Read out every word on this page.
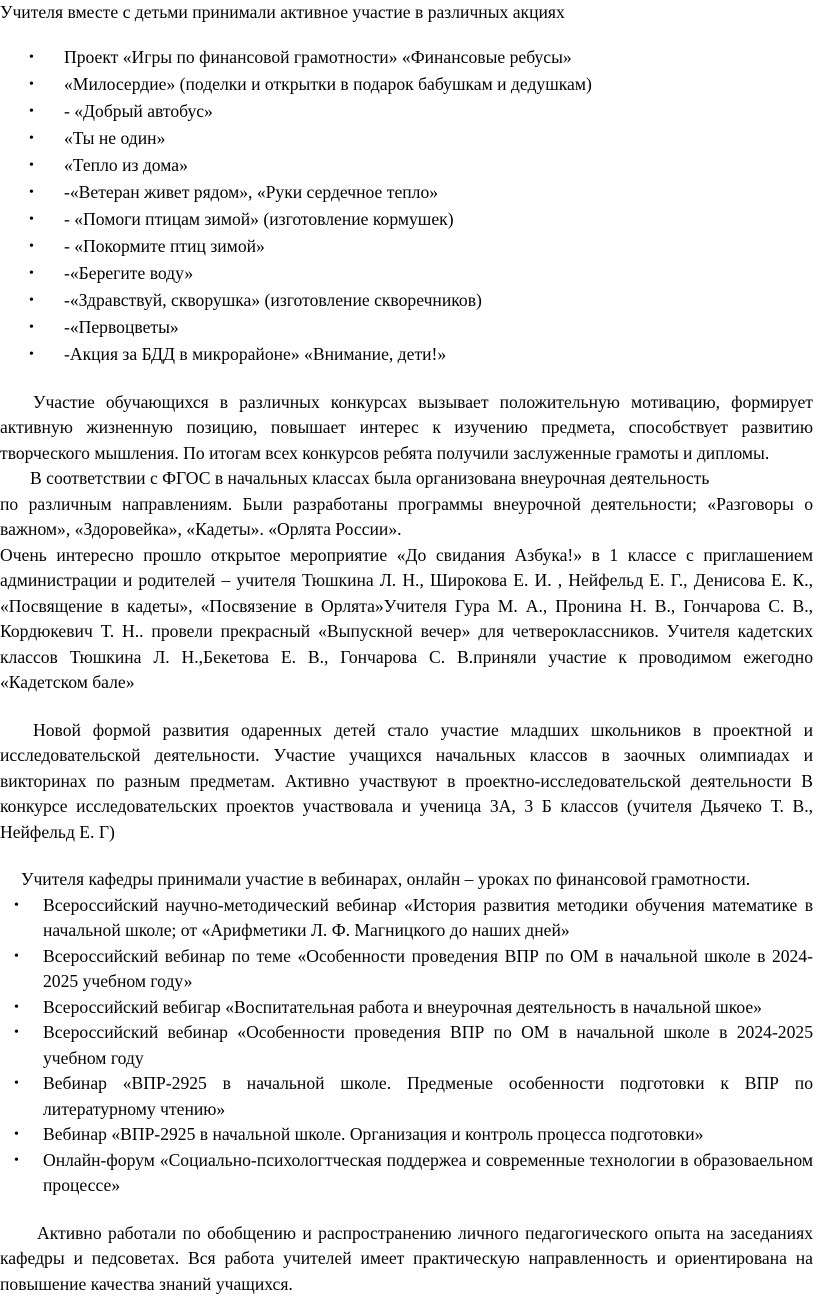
Учителя вместе с детьми принимали активное участие в различных акциях

• Проект «Игры по финансовой грамотности» «Финансовые ребусы»
• «Милосердие» (поделки и открытки в подарок бабушкам и дедушкам)
• - «Добрый автобус»
• «Ты не один»
• «Тепло из дома»
• -«Ветеран живет рядом», «Руки сердечное тепло»
• - «Помоги птицам зимой» (изготовление кормушек)
• - «Покормите птиц зимой»
• -«Берегите воду»
• -«Здравствуй, скворушка» (изготовление скворечников)
• -«Первоцветы»
• -Акция за БДД в микрорайоне» «Внимание, дети!»

Участие обучающихся в различных конкурсах вызывает положительную мотивацию, формирует активную жизненную позицию, повышает интерес к изучению предмета, способствует развитию творческого мышления. По итогам всех конкурсов ребята получили заслуженные грамоты и дипломы.

В соответствии с ФГОС в начальных классах была организована внеурочная деятельность

по различным направлениям. Были разработаны программы внеурочной деятельности; «Разговоры о важном», «Здоровейка», «Кадеты». «Орлята России».

Очень интересно прошло открытое мероприятие «До свидания Азбука!» в 1 классе с приглашением администрации и родителей – учителя Тюшкина Л. Н., Широкова Е. И. , Нейфельд Е. Г., Денисова Е. К., «Посвящение в кадеты», «Посвязение в Орлята»Учителя Гура М. А., Пронина Н. В., Гончарова С. В., Кордюкевич Т. Н.. провели прекрасный «Выпускной вечер» для четвероклассников. Учителя кадетских классов Тюшкина Л. Н.,Бекетова Е. В., Гончарова С. В.приняли участие к проводимом ежегодно «Кадетском бале»

Новой формой развития одаренных детей стало участие младших школьников в проектной и исследовательской деятельности. Участие учащихся начальных классов в заочных олимпиадах и викторинах по разным предметам. Активно участвуют в проектно-исследовательской деятельности В конкурсе исследовательских проектов участвовала и ученица 3А, 3 Б классов (учителя Дьячеко Т. В., Нейфельд Е. Г)

Учителя кафедры принимали участие в вебинарах, онлайн – уроках по финансовой грамотности.

• Всероссийский научно-методический вебинар «История развития методики обучения математике в начальной школе; от «Арифметики Л. Ф. Магницкого до наших дней»
• Всероссийский вебинар по теме «Особенности проведения ВПР по ОМ в начальной школе в 2024-2025 учебном году»
• Всероссийский вебигар «Воспитательная работа и внеурочная деятельность в начальной шкое»
• Всероссийский вебинар «Особенности проведения ВПР по ОМ в начальной школе в 2024-2025 учебном году
• Вебинар «ВПР-2925 в начальной школе. Предменые особенности подготовки к ВПР по литературному чтению»
• Вебинар «ВПР-2925 в начальной школе. Организация и контроль процесса подготовки»
• Онлайн-форум «Социально-психологтческая поддержеа и современные технологии в образоваельном процессе»

Активно работали по обобщению и распространению личного педагогического опыта на заседаниях кафедры и педсоветах. Вся работа учителей имеет практическую направленность и ориентирована на повышение качества знаний учащихся.
